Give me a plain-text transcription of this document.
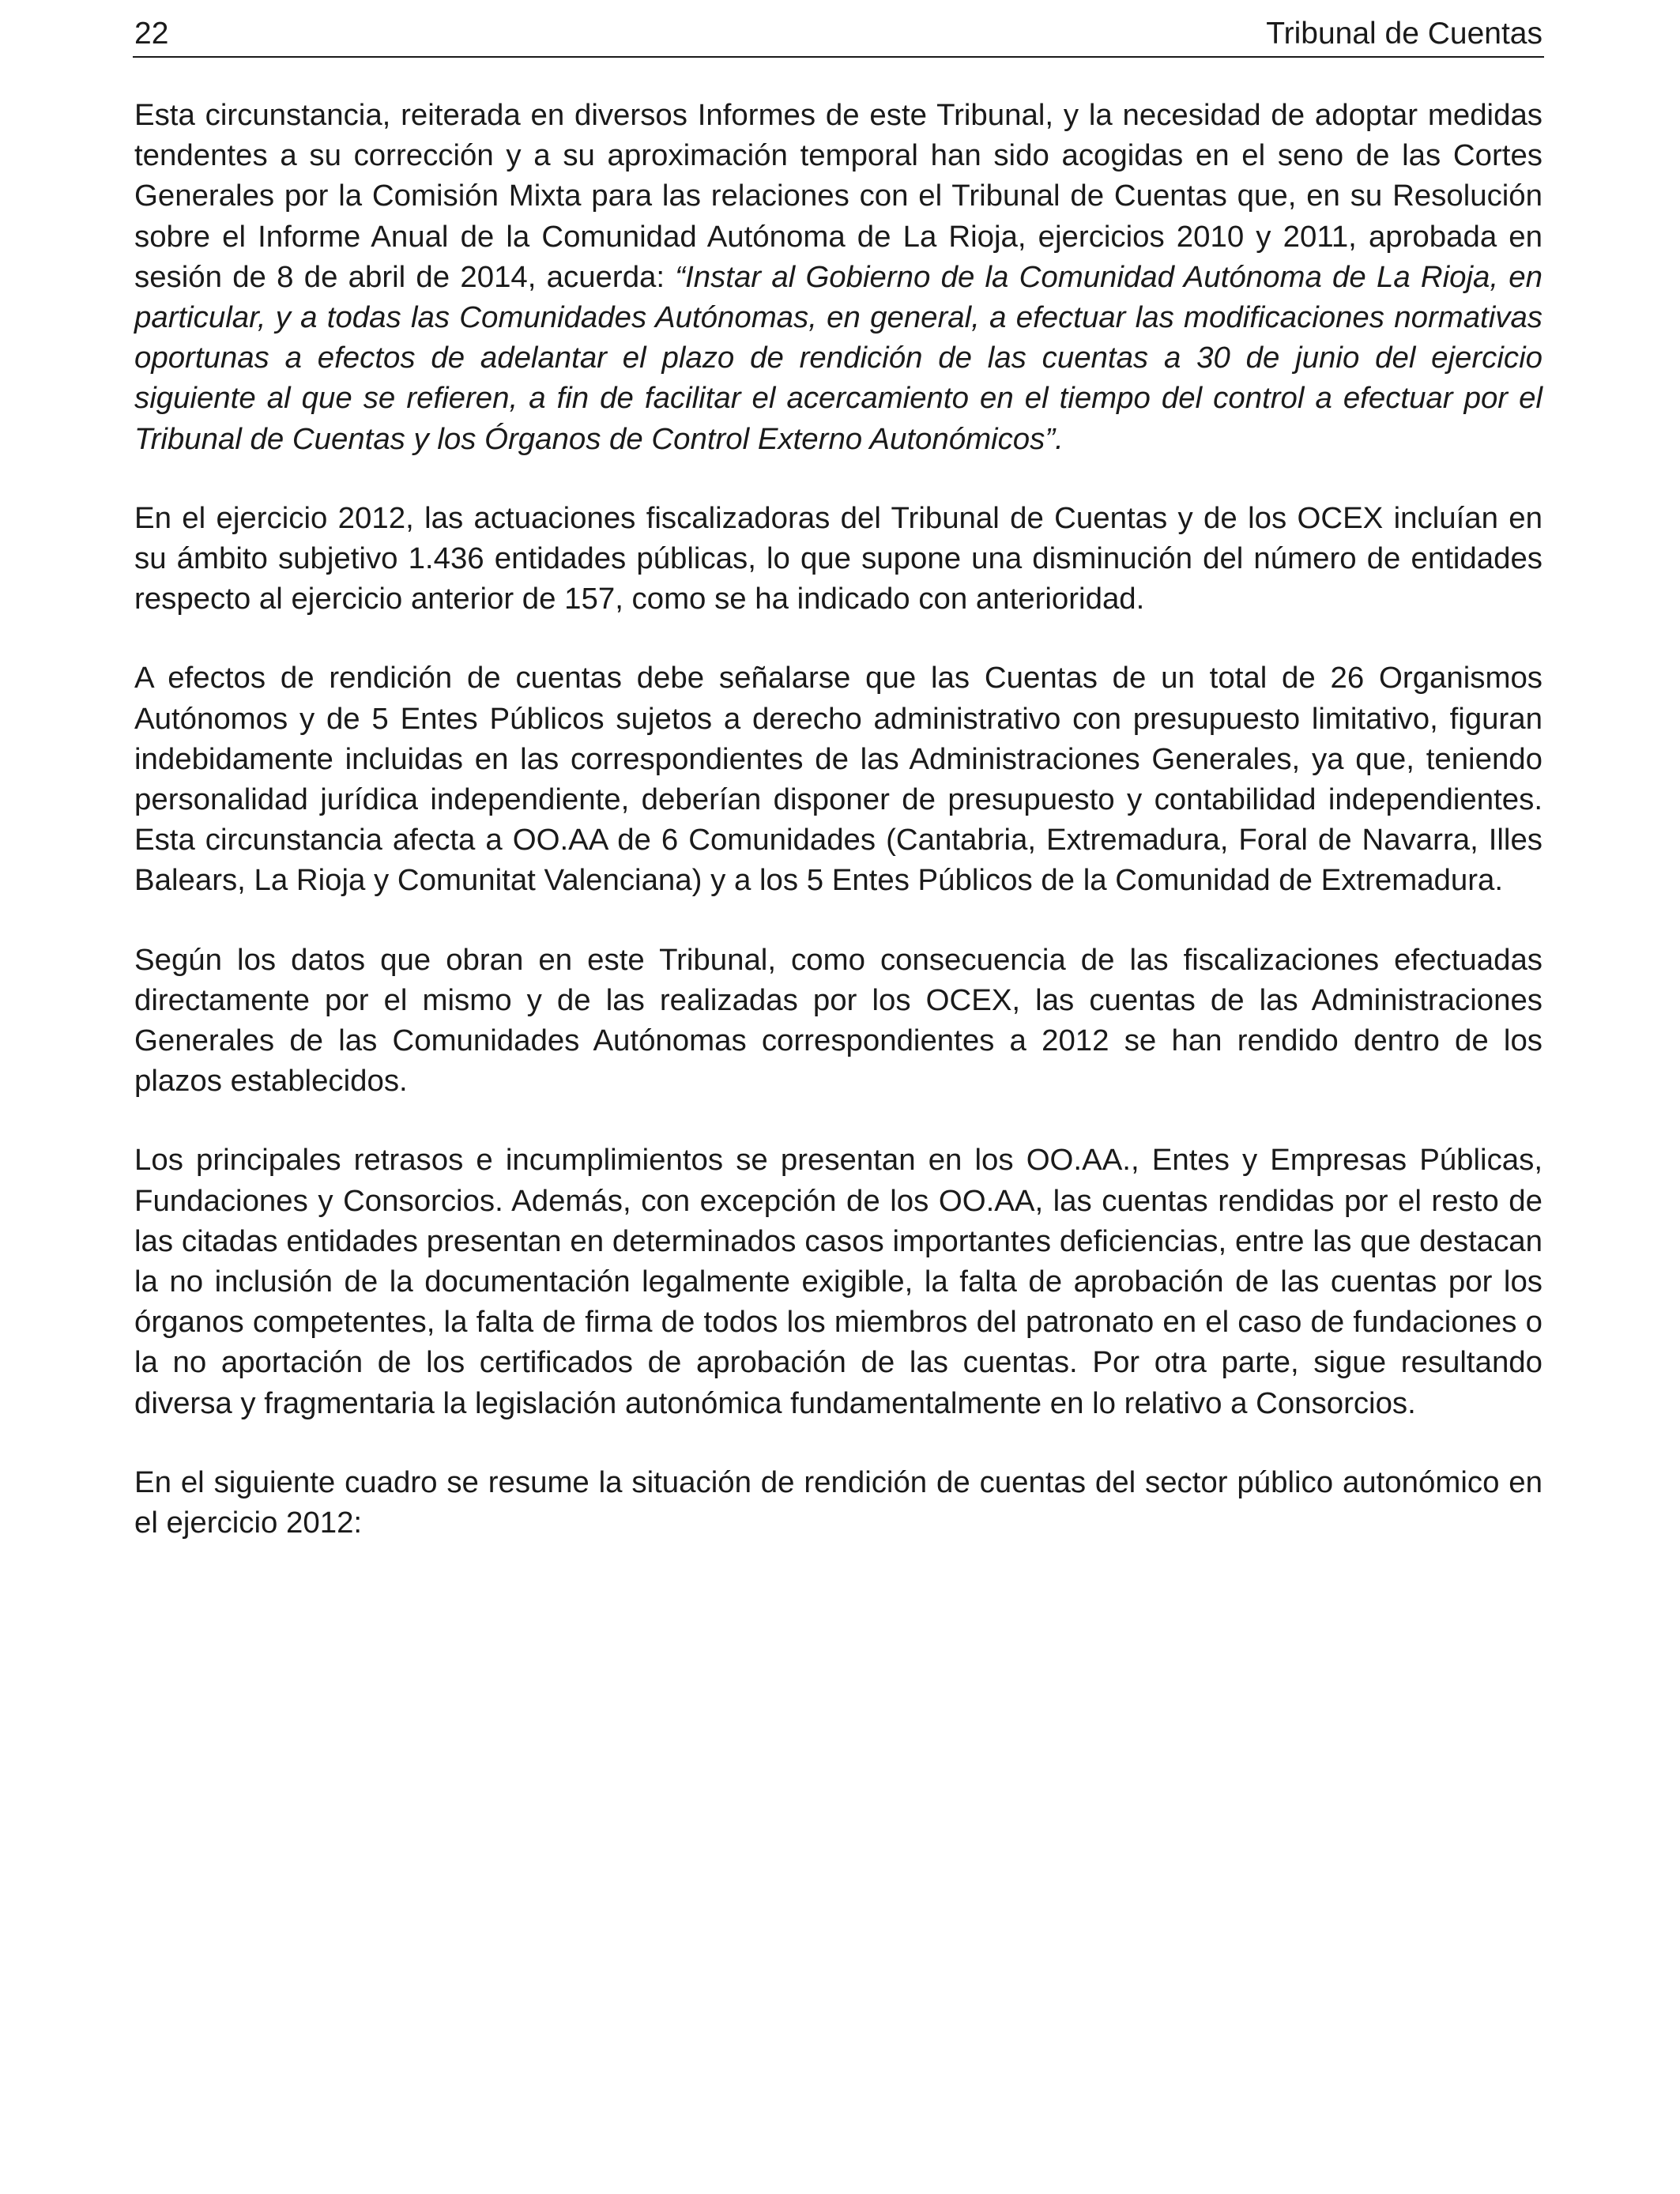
22	Tribunal de Cuentas

Esta circunstancia, reiterada en diversos Informes de este Tribunal, y la necesidad de adoptar medidas tendentes a su corrección y a su aproximación temporal han sido acogidas en el seno de las Cortes Generales por la Comisión Mixta para las relaciones con el Tribunal de Cuentas que, en su Resolución sobre el Informe Anual de la Comunidad Autónoma de La Rioja, ejercicios 2010 y 2011, aprobada en sesión de 8 de abril de 2014, acuerda: “Instar al Gobierno de la Comunidad Autónoma de La Rioja, en particular, y a todas las Comunidades Autónomas, en general, a efectuar las modificaciones normativas oportunas a efectos de adelantar el plazo de rendición de las cuentas a 30 de junio del ejercicio siguiente al que se refieren, a fin de facilitar el acercamiento en el tiempo del control a efectuar por el Tribunal de Cuentas y los Órganos de Control Externo Autonómicos”.

En el ejercicio 2012, las actuaciones fiscalizadoras del Tribunal de Cuentas y de los OCEX incluían en su ámbito subjetivo 1.436 entidades públicas, lo que supone una disminución del número de entidades respecto al ejercicio anterior de 157, como se ha indicado con anterioridad.

A efectos de rendición de cuentas debe señalarse que las Cuentas de un total de 26 Organismos Autónomos y de 5 Entes Públicos sujetos a derecho administrativo con presupuesto limitativo, figuran indebidamente incluidas en las correspondientes de las Administraciones Generales, ya que, teniendo personalidad jurídica independiente, deberían disponer de presupuesto y contabilidad independientes. Esta circunstancia afecta a OO.AA de 6 Comunidades (Cantabria, Extremadura, Foral de Navarra, Illes Balears, La Rioja y Comunitat Valenciana) y a los 5 Entes Públicos de la Comunidad de Extremadura.

Según los datos que obran en este Tribunal, como consecuencia de las fiscalizaciones efectuadas directamente por el mismo y de las realizadas por los OCEX, las cuentas de las Administraciones Generales de las Comunidades Autónomas correspondientes a 2012 se han rendido dentro de los plazos establecidos.

Los principales retrasos e incumplimientos se presentan en los OO.AA., Entes y Empresas Públicas, Fundaciones y Consorcios. Además, con excepción de los OO.AA, las cuentas rendidas por el resto de las citadas entidades presentan en determinados casos importantes deficiencias, entre las que destacan la no inclusión de la documentación legalmente exigible, la falta de aprobación de las cuentas por los órganos competentes, la falta de firma de todos los miembros del patronato en el caso de fundaciones o la no aportación de los certificados de aprobación de las cuentas. Por otra parte, sigue resultando diversa y fragmentaria la legislación autonómica fundamentalmente en lo relativo a Consorcios.

En el siguiente cuadro se resume la situación de rendición de cuentas del sector público autonómico en el ejercicio 2012:
